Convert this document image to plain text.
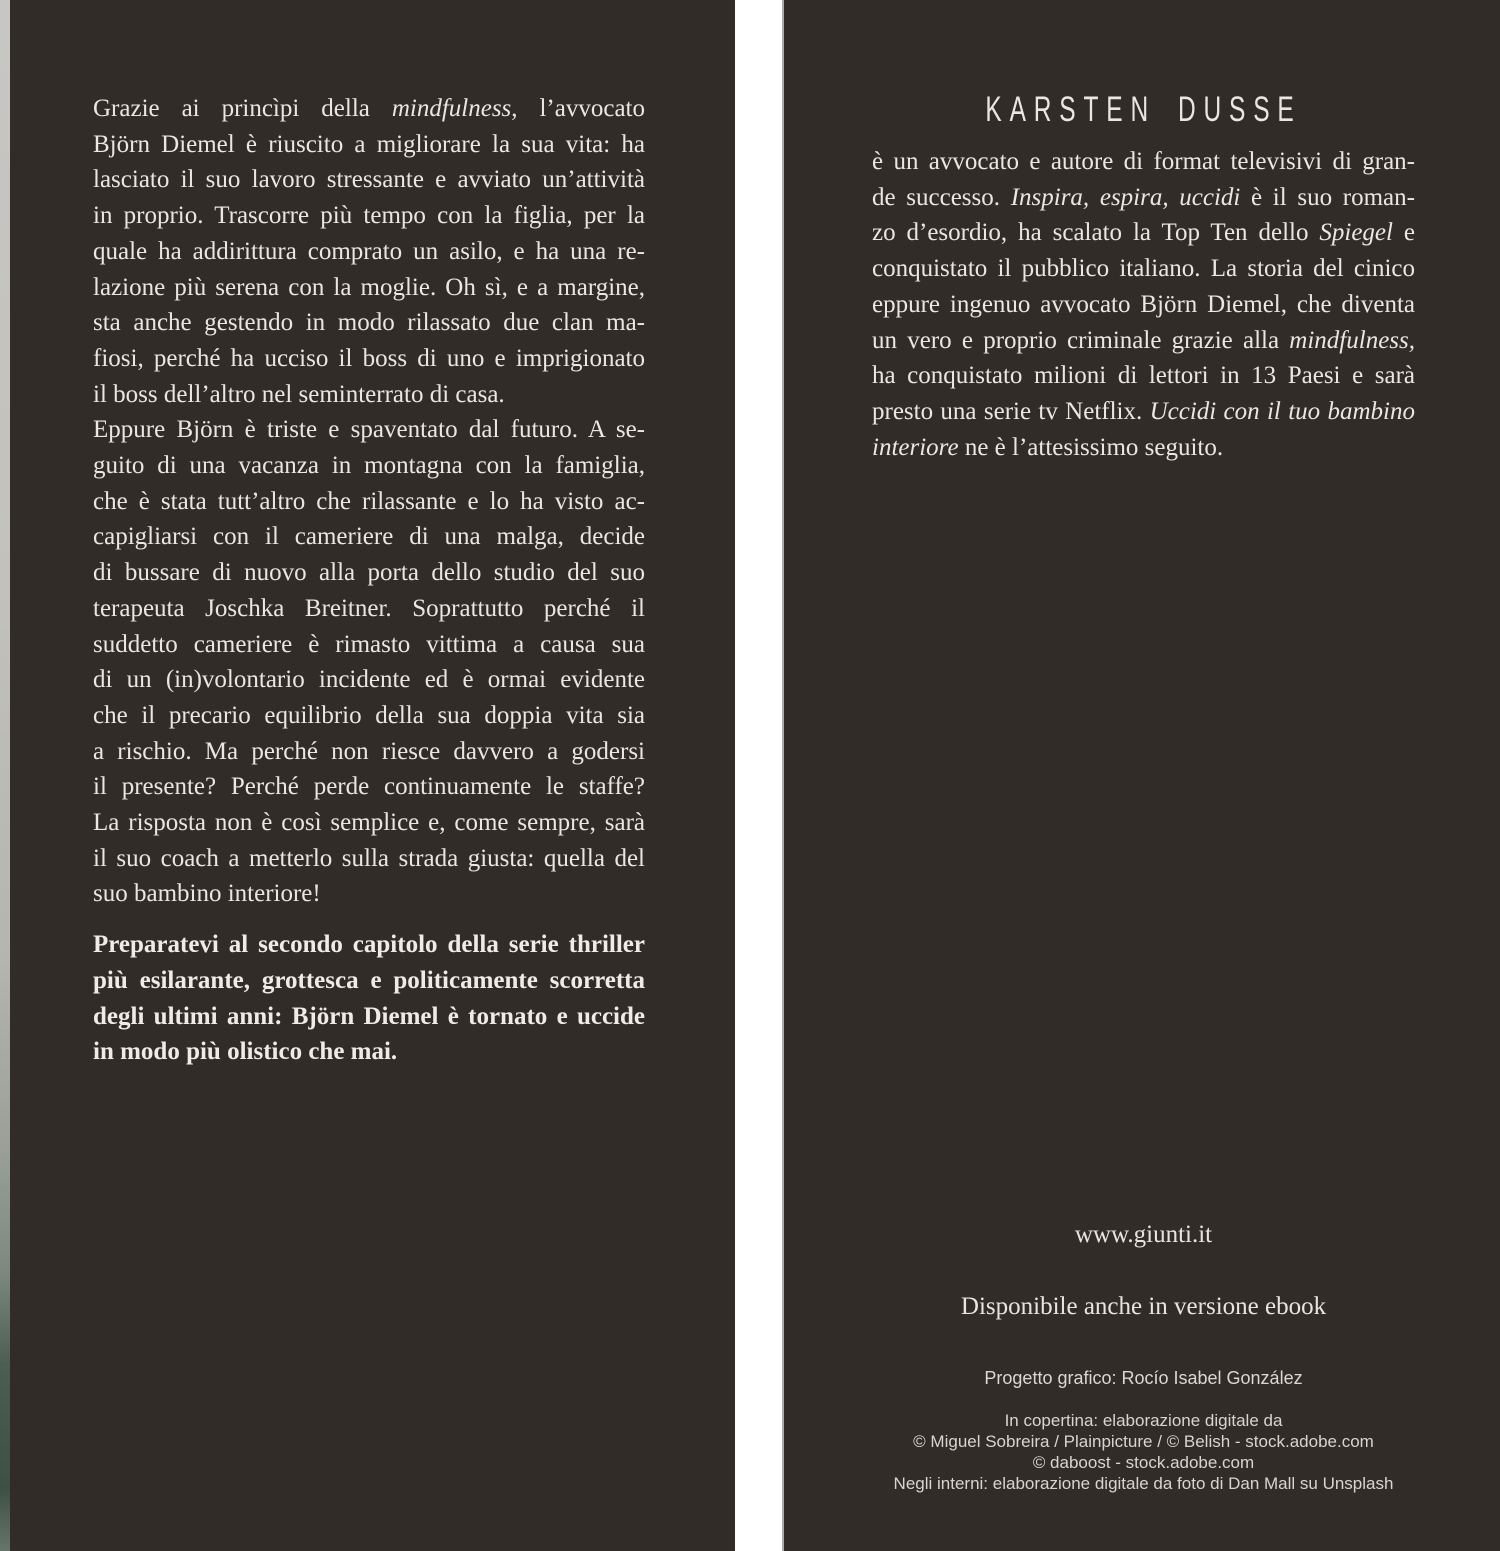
Grazie ai princìpi della mindfulness, l’avvocato
Björn Diemel è riuscito a migliorare la sua vita: ha
lasciato il suo lavoro stressante e avviato un’attività
in proprio. Trascorre più tempo con la figlia, per la
quale ha addirittura comprato un asilo, e ha una re-
lazione più serena con la moglie. Oh sì, e a margine,
sta anche gestendo in modo rilassato due clan ma-
fiosi, perché ha ucciso il boss di uno e imprigionato
il boss dell’altro nel seminterrato di casa.
Eppure Björn è triste e spaventato dal futuro. A se-
guito di una vacanza in montagna con la famiglia,
che è stata tutt’altro che rilassante e lo ha visto ac-
capigliarsi con il cameriere di una malga, decide
di bussare di nuovo alla porta dello studio del suo
terapeuta Joschka Breitner. Soprattutto perché il
suddetto cameriere è rimasto vittima a causa sua
di un (in)volontario incidente ed è ormai evidente
che il precario equilibrio della sua doppia vita sia
a rischio. Ma perché non riesce davvero a godersi
il presente? Perché perde continuamente le staffe?
La risposta non è così semplice e, come sempre, sarà
il suo coach a metterlo sulla strada giusta: quella del
suo bambino interiore!
Preparatevi al secondo capitolo della serie thriller
più esilarante, grottesca e politicamente scorretta
degli ultimi anni: Björn Diemel è tornato e uccide
in modo più olistico che mai.
KARSTEN DUSSE
è un avvocato e autore di format televisivi di gran-
de successo. Inspira, espira, uccidi è il suo roman-
zo d’esordio, ha scalato la Top Ten dello Spiegel e
conquistato il pubblico italiano. La storia del cinico
eppure ingenuo avvocato Björn Diemel, che diventa
un vero e proprio criminale grazie alla mindfulness,
ha conquistato milioni di lettori in 13 Paesi e sarà
presto una serie tv Netflix. Uccidi con il tuo bambino
interiore ne è l’attesissimo seguito.
www.giunti.it
Disponibile anche in versione ebook
Progetto grafico: Rocío Isabel González
In copertina: elaborazione digitale da
© Miguel Sobreira / Plainpicture / © Belish - stock.adobe.com
© daboost - stock.adobe.com
Negli interni: elaborazione digitale da foto di Dan Mall su Unsplash
